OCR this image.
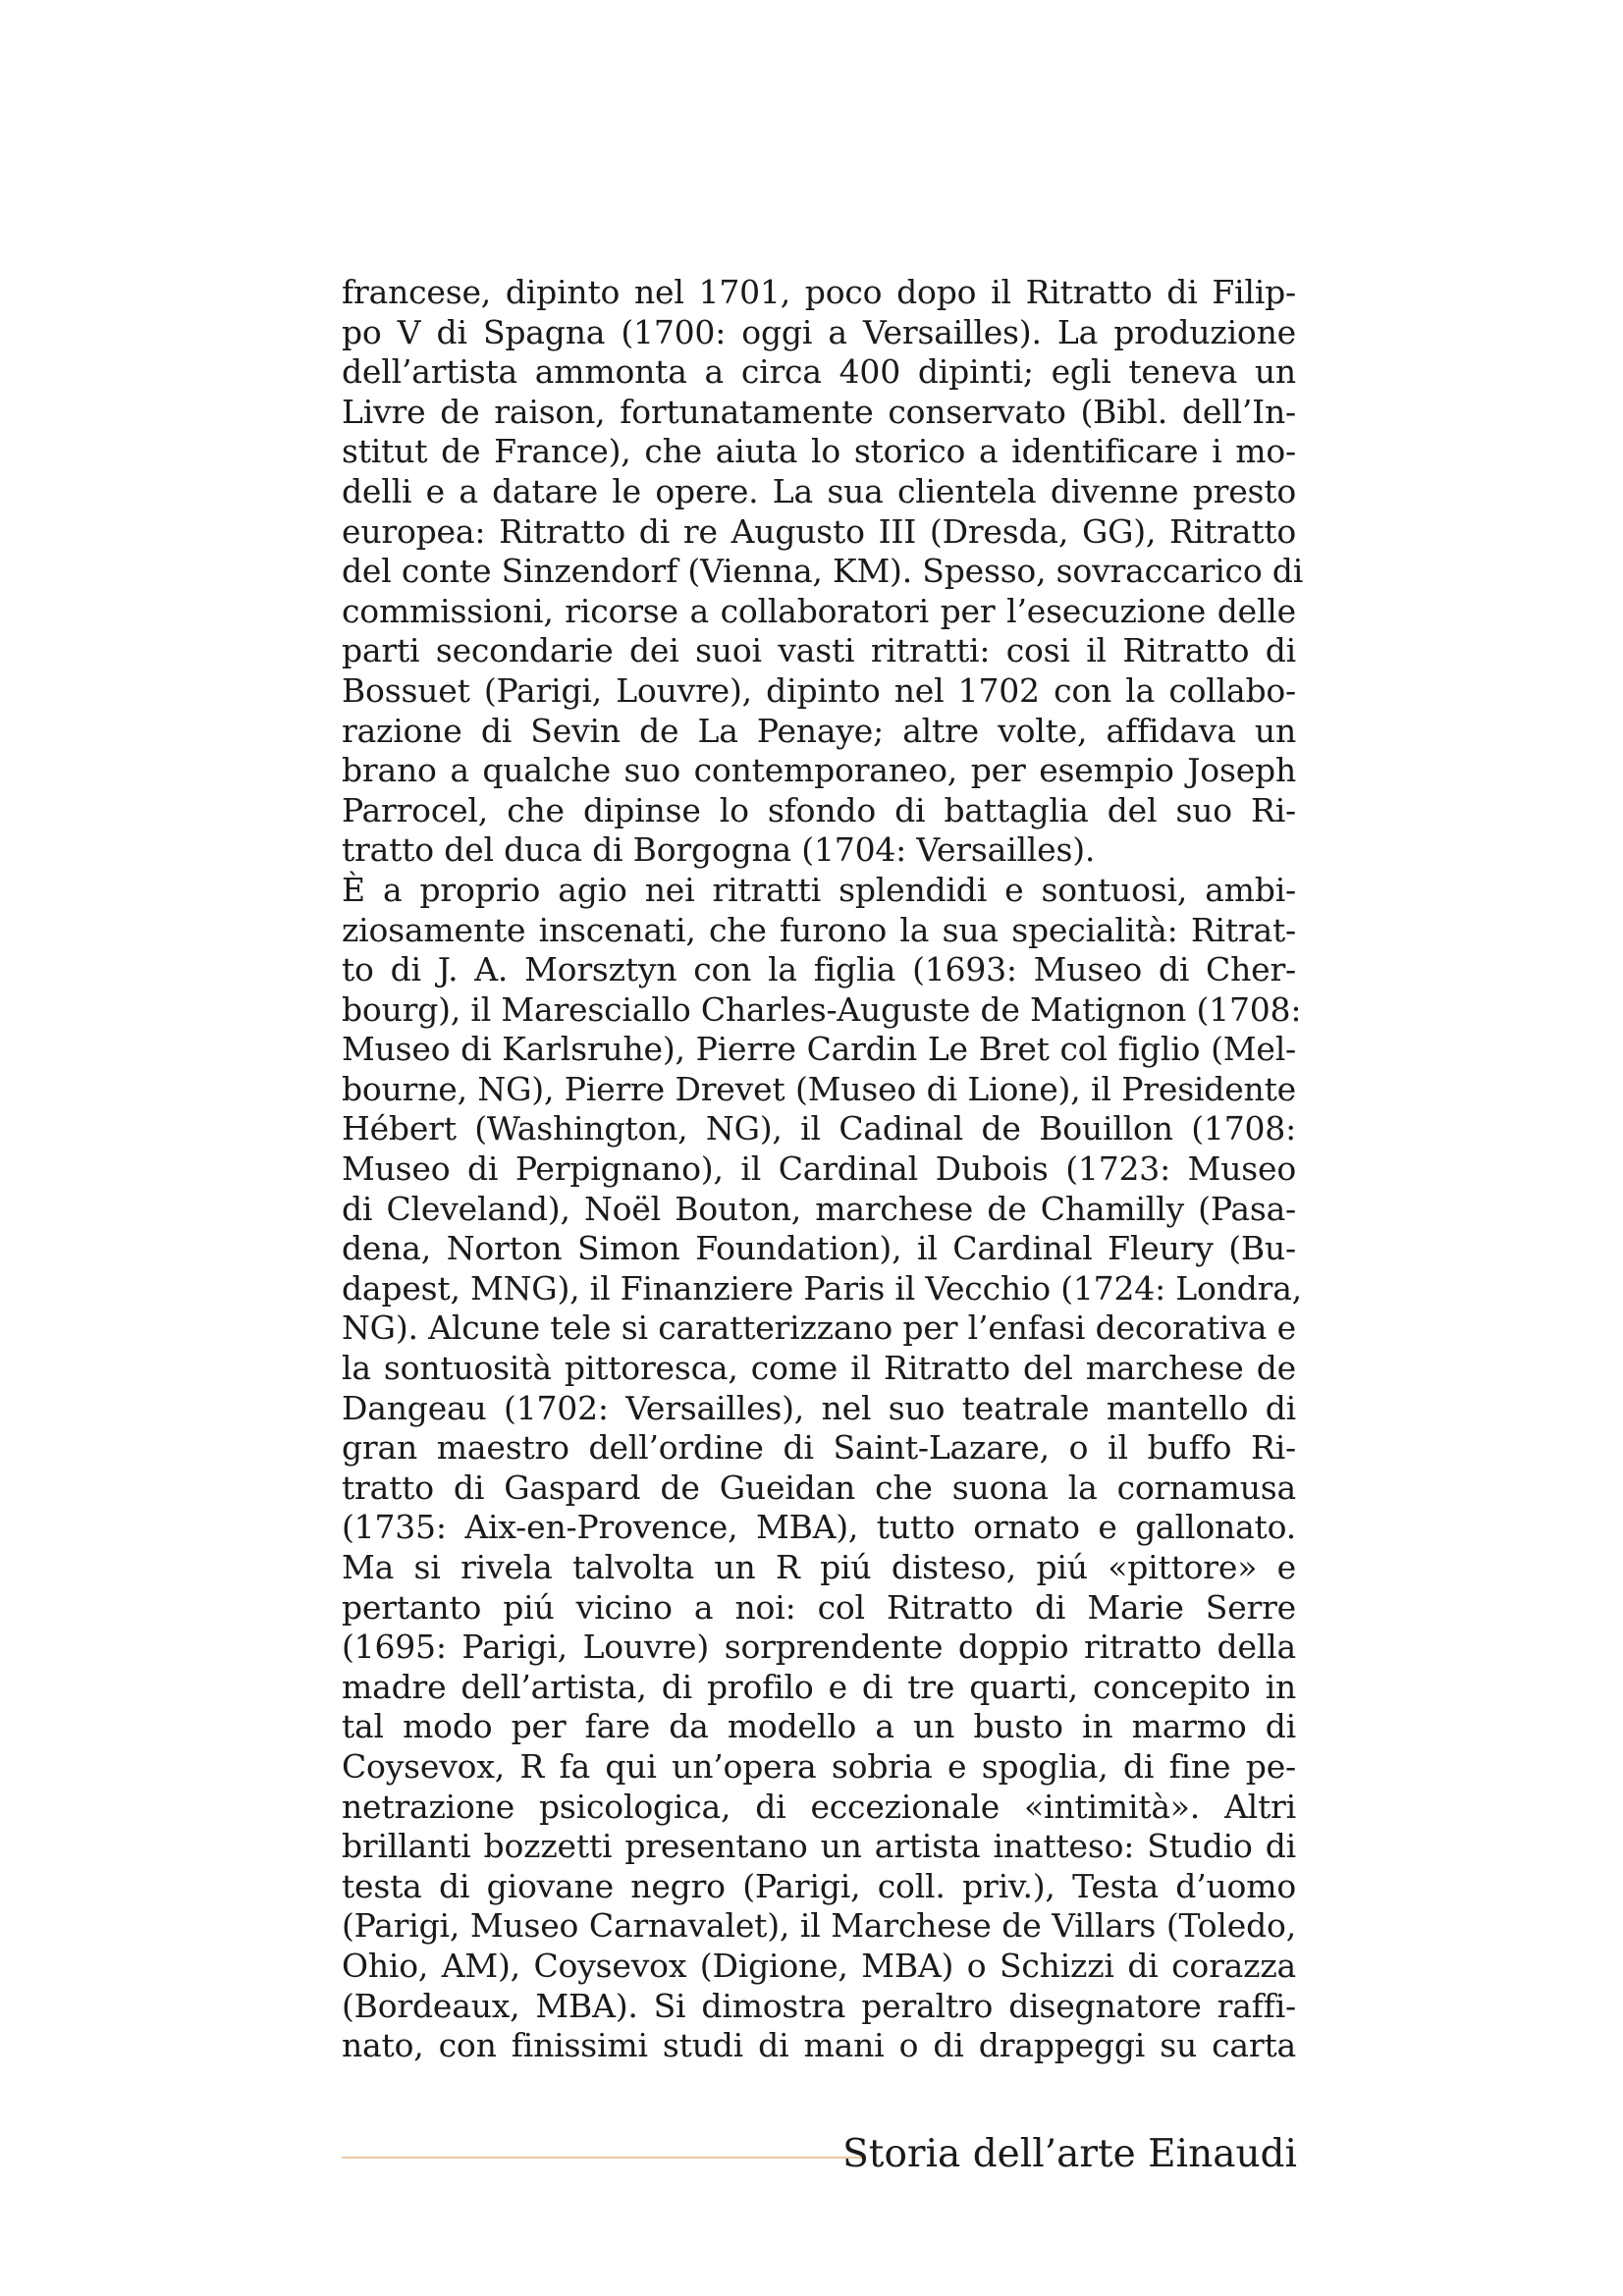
francese, dipinto nel 1701, poco dopo il Ritratto di Filip-
po V di Spagna (1700: oggi a Versailles). La produzione
dell’artista ammonta a circa 400 dipinti; egli teneva un
Livre de raison, fortunatamente conservato (Bibl. dell’In-
stitut de France), che aiuta lo storico a identificare i mo-
delli e a datare le opere. La sua clientela divenne presto
europea: Ritratto di re Augusto III (Dresda, GG), Ritratto
del conte Sinzendorf (Vienna, KM). Spesso, sovraccarico di
commissioni, ricorse a collaboratori per l’esecuzione delle
parti secondarie dei suoi vasti ritratti: cosi il Ritratto di
Bossuet (Parigi, Louvre), dipinto nel 1702 con la collabo-
razione di Sevin de La Penaye; altre volte, affidava un
brano a qualche suo contemporaneo, per esempio Joseph
Parrocel, che dipinse lo sfondo di battaglia del suo Ri-
tratto del duca di Borgogna (1704: Versailles).
È a proprio agio nei ritratti splendidi e sontuosi, ambi-
ziosamente inscenati, che furono la sua specialità: Ritrat-
to di J. A. Morsztyn con la figlia (1693: Museo di Cher-
bourg), il Maresciallo Charles-Auguste de Matignon (1708:
Museo di Karlsruhe), Pierre Cardin Le Bret col figlio (Mel-
bourne, NG), Pierre Drevet (Museo di Lione), il Presidente
Hébert (Washington, NG), il Cadinal de Bouillon (1708:
Museo di Perpignano), il Cardinal Dubois (1723: Museo
di Cleveland), Noël Bouton, marchese de Chamilly (Pasa-
dena, Norton Simon Foundation), il Cardinal Fleury (Bu-
dapest, MNG), il Finanziere Paris il Vecchio (1724: Londra,
NG). Alcune tele si caratterizzano per l’enfasi decorativa e
la sontuosità pittoresca, come il Ritratto del marchese de
Dangeau (1702: Versailles), nel suo teatrale mantello di
gran maestro dell’ordine di Saint-Lazare, o il buffo Ri-
tratto di Gaspard de Gueidan che suona la cornamusa
(1735: Aix-en-Provence, MBA), tutto ornato e gallonato.
Ma si rivela talvolta un R piú disteso, piú «pittore» e
pertanto piú vicino a noi: col Ritratto di Marie Serre
(1695: Parigi, Louvre) sorprendente doppio ritratto della
madre dell’artista, di profilo e di tre quarti, concepito in
tal modo per fare da modello a un busto in marmo di
Coysevox, R fa qui un’opera sobria e spoglia, di fine pe-
netrazione psicologica, di eccezionale «intimità». Altri
brillanti bozzetti presentano un artista inatteso: Studio di
testa di giovane negro (Parigi, coll. priv.), Testa d’uomo
(Parigi, Museo Carnavalet), il Marchese de Villars (Toledo,
Ohio, AM), Coysevox (Digione, MBA) o Schizzi di corazza
(Bordeaux, MBA). Si dimostra peraltro disegnatore raffi-
nato, con finissimi studi di mani o di drappeggi su carta
Storia dell’arte Einaudi
